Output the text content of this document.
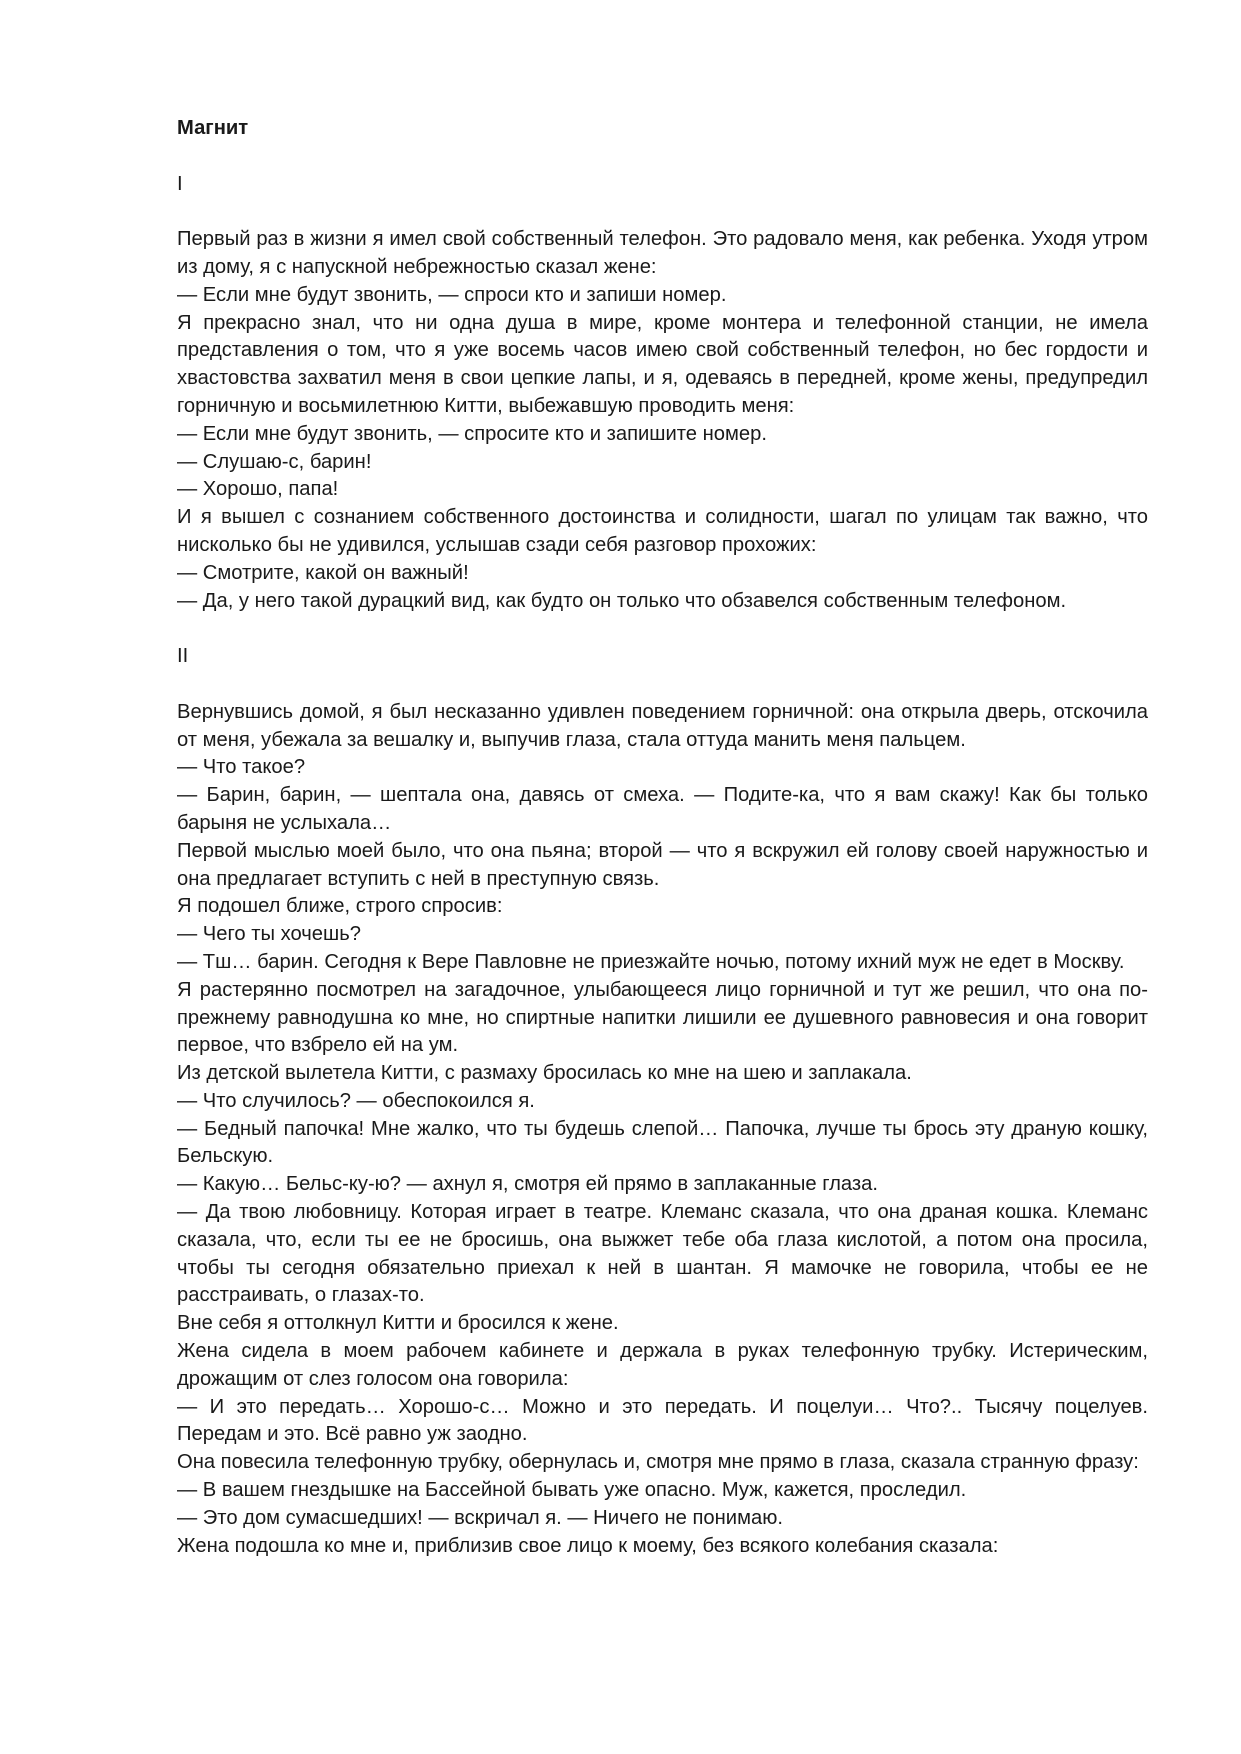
Магнит

I

Первый раз в жизни я имел свой собственный телефон. Это радовало меня, как ребенка. Уходя утром из дому, я с напускной небрежностью сказал жене:

— Если мне будут звонить, — спроси кто и запиши номер.

Я прекрасно знал, что ни одна душа в мире, кроме монтера и телефонной станции, не имела представления о том, что я уже восемь часов имею свой собственный телефон, но бес гордости и хвастовства захватил меня в свои цепкие лапы, и я, одеваясь в передней, кроме жены, предупредил горничную и восьмилетнюю Китти, выбежавшую проводить меня:

— Если мне будут звонить, — спросите кто и запишите номер.

— Слушаю-с, барин!

— Хорошо, папа!

И я вышел с сознанием собственного достоинства и солидности, шагал по улицам так важно, что нисколько бы не удивился, услышав сзади себя разговор прохожих:

— Смотрите, какой он важный!

— Да, у него такой дурацкий вид, как будто он только что обзавелся собственным телефоном.

II

Вернувшись домой, я был несказанно удивлен поведением горничной: она открыла дверь, отскочила от меня, убежала за вешалку и, выпучив глаза, стала оттуда манить меня пальцем.

— Что такое?

— Барин, барин, — шептала она, давясь от смеха. — Подите-ка, что я вам скажу! Как бы только барыня не услыхала…

Первой мыслью моей было, что она пьяна; второй — что я вскружил ей голову своей наружностью и она предлагает вступить с ней в преступную связь.

Я подошел ближе, строго спросив:

— Чего ты хочешь?

— Тш… барин. Сегодня к Вере Павловне не приезжайте ночью, потому ихний муж не едет в Москву.

Я растерянно посмотрел на загадочное, улыбающееся лицо горничной и тут же решил, что она по-прежнему равнодушна ко мне, но спиртные напитки лишили ее душевного равновесия и она говорит первое, что взбрело ей на ум.

Из детской вылетела Китти, с размаху бросилась ко мне на шею и заплакала.

— Что случилось? — обеспокоился я.

— Бедный папочка! Мне жалко, что ты будешь слепой… Папочка, лучше ты брось эту драную кошку, Бельскую.

— Какую… Бельс-ку-ю? — ахнул я, смотря ей прямо в заплаканные глаза.

— Да твою любовницу. Которая играет в театре. Клеманс сказала, что она драная кошка. Клеманс сказала, что, если ты ее не бросишь, она выжжет тебе оба глаза кислотой, а потом она просила, чтобы ты сегодня обязательно приехал к ней в шантан. Я мамочке не говорила, чтобы ее не расстраивать, о глазах-то.

Вне себя я оттолкнул Китти и бросился к жене.

Жена сидела в моем рабочем кабинете и держала в руках телефонную трубку. Истерическим, дрожащим от слез голосом она говорила:

— И это передать… Хорошо-с… Можно и это передать. И поцелуи… Что?.. Тысячу поцелуев. Передам и это. Всё равно уж заодно.

Она повесила телефонную трубку, обернулась и, смотря мне прямо в глаза, сказала странную фразу:

— В вашем гнездышке на Бассейной бывать уже опасно. Муж, кажется, проследил.

— Это дом сумасшедших! — вскричал я. — Ничего не понимаю.

Жена подошла ко мне и, приблизив свое лицо к моему, без всякого колебания сказала:
